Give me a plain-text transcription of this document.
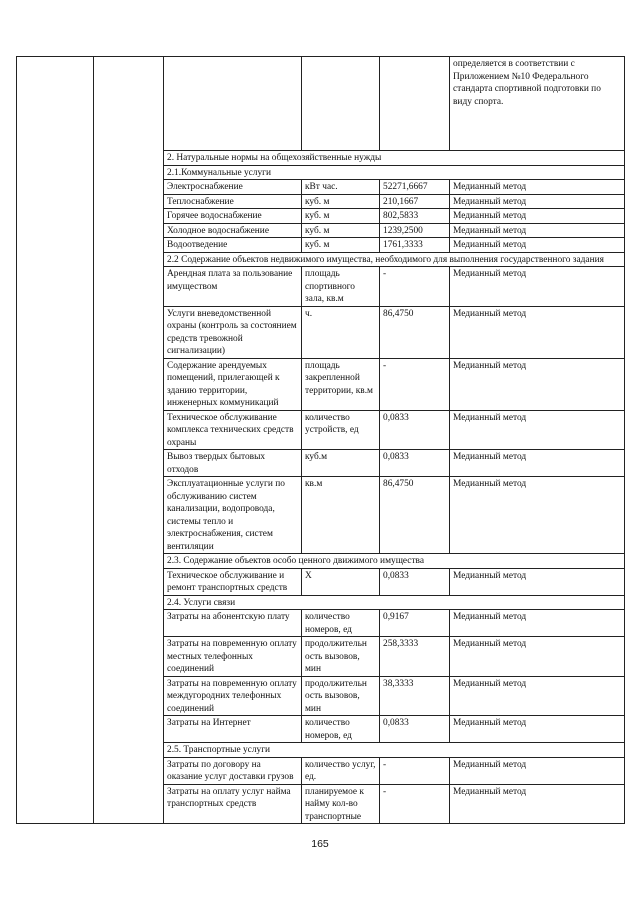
					определяется в соответствии с Приложением №10 Федерального стандарта спортивной подготовки по виду спорта.
		2. Натуральные нормы на общехозяйственные нужды			
		2.1.Коммунальные услуги			
		Электроснабжение	кВт час.	52271,6667	Медианный метод
		Теплоснабжение	куб. м	210,1667	Медианный метод
		Горячее водоснабжение	куб. м	802,5833	Медианный метод
		Холодное водоснабжение	куб. м	1239,2500	Медианный метод
		Водоотведение	куб. м	1761,3333	Медианный метод
		2.2 Содержание объектов недвижимого имущества, необходимого для выполнения государственного задания			
		Арендная плата за пользование имуществом	площадь спортивного зала, кв.м	-	Медианный метод
		Услуги вневедомственной охраны (контроль за состоянием средств тревожной сигнализации)	ч.	86,4750	Медианный метод
		Содержание арендуемых помещений, прилегающей к зданию территории, инженерных коммуникаций	площадь закрепленной территории, кв.м	-	Медианный метод
		Техническое обслуживание комплекса технических средств охраны	количество устройств, ед	0,0833	Медианный метод
		Вывоз твердых бытовых отходов	куб.м	0,0833	Медианный метод
		Эксплуатационные услуги по обслуживанию систем канализации, водопровода, системы тепло и электроснабжения, систем вентиляции	кв.м	86,4750	Медианный метод
		2.3. Содержание объектов особо ценного движимого имущества			
		Техническое обслуживание и ремонт транспортных средств	Х	0,0833	Медианный метод
		2.4. Услуги связи			
		Затраты на абонентскую плату	количество номеров, ед	0,9167	Медианный метод
		Затраты на повременную оплату местных телефонных соединений	продолжительн ость вызовов, мин	258,3333	Медианный метод
		Затраты на повременную оплату междугородних телефонных соединений	продолжительн ость вызовов, мин	38,3333	Медианный метод
		Затраты на Интернет	количество номеров, ед	0,0833	Медианный метод
		2.5. Транспортные услуги			
		Затраты по договору на оказание услуг доставки грузов	количество услуг, ед.	-	Медианный метод
		Затраты на оплату услуг найма транспортных средств	планируемое к найму кол-во транспортные	-	Медианный метод
165
